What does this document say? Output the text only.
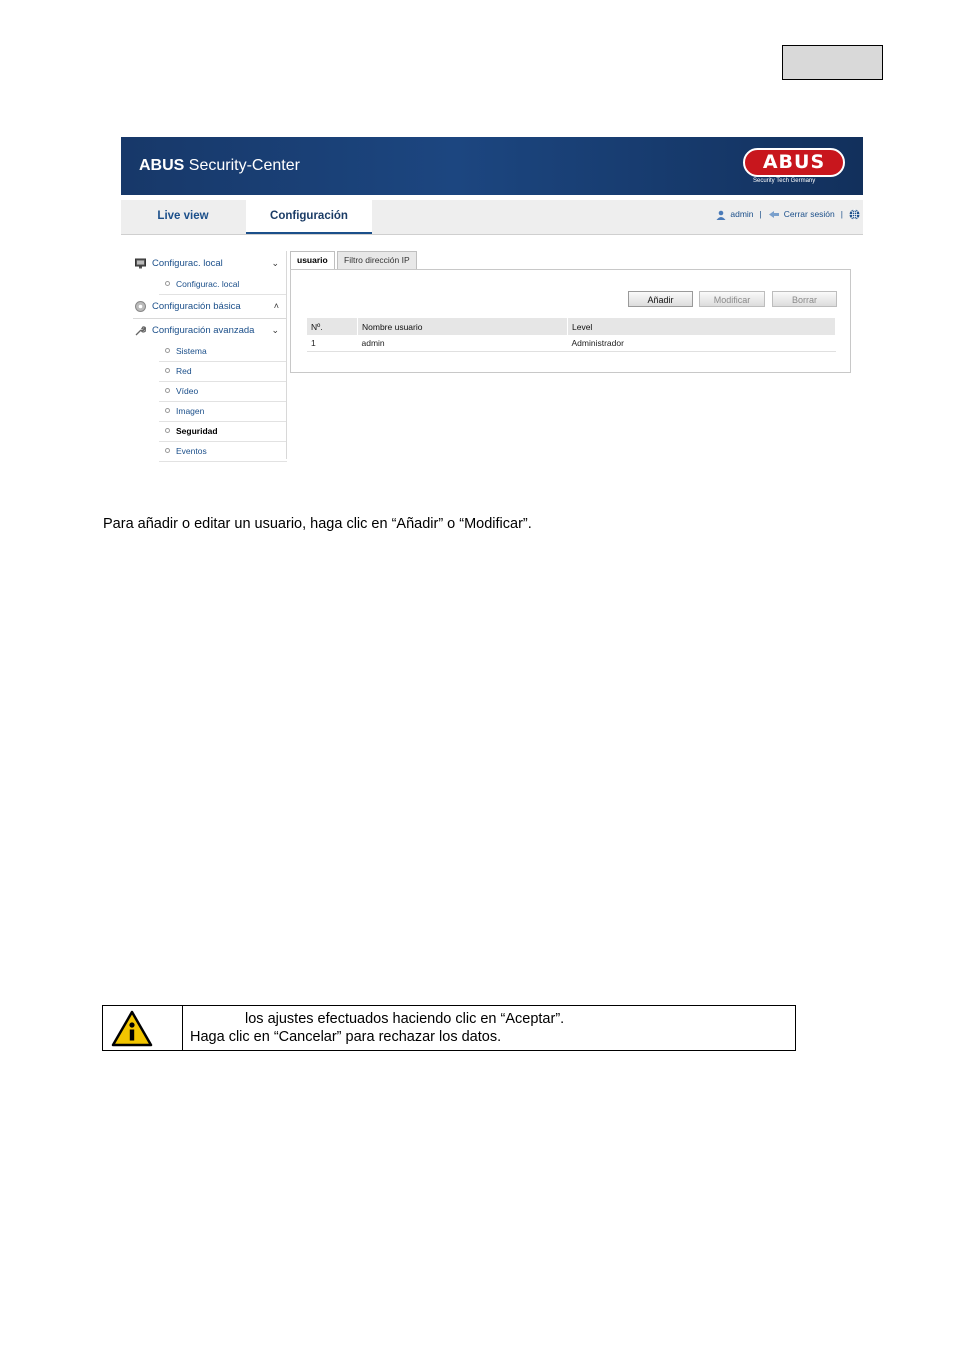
ABUS Security-Center	ABUS
Security Tech Germany
Live view	Configuración	admin |	Cerrar sesión |
Configurac. local	⌄
Configurac. local
Configuración básica	˄
Configuración avanzada ⌄
Sistema
Red
Vídeo
Imagen
Seguridad
Eventos
usuario	Filtro dirección IP
Añadir	Modificar	Borrar
Nº.	Nombre usuario	Level
1	admin	Administrador
Para añadir o editar un usuario, haga clic en “Añadir” o “Modificar”.
los ajustes efectuados haciendo clic en “Aceptar”.
Haga clic en “Cancelar” para rechazar los datos.
